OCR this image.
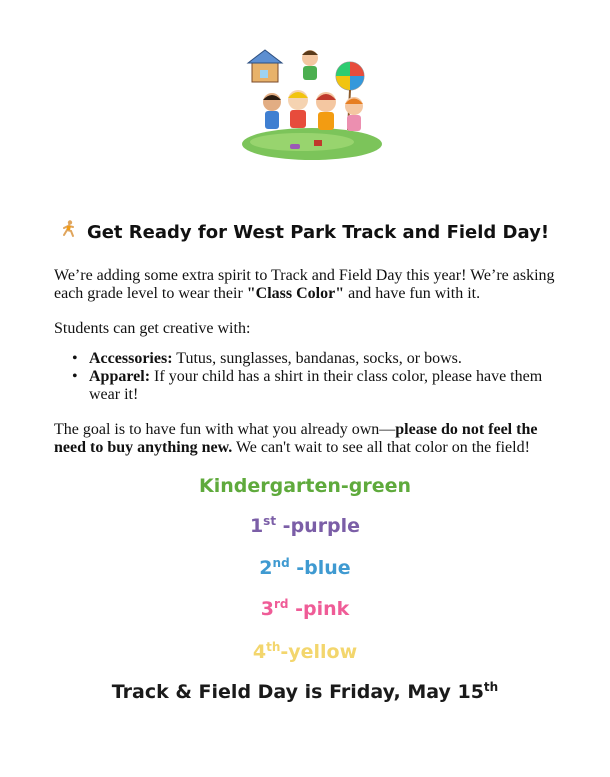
Get Ready for West Park Track and Field Day!

We’re adding some extra spirit to Track and Field Day this year! We’re asking each grade level to wear their "Class Color" and have fun with it.

Students can get creative with:

• Accessories: Tutus, sunglasses, bandanas, socks, or bows.
• Apparel: If your child has a shirt in their class color, please have them wear it!

The goal is to have fun with what you already own—please do not feel the need to buy anything new. We can't wait to see all that color on the field!

Kindergarten-green
1st -purple
2nd -blue
3rd -pink
4th-yellow
Track & Field Day is Friday, May 15th
